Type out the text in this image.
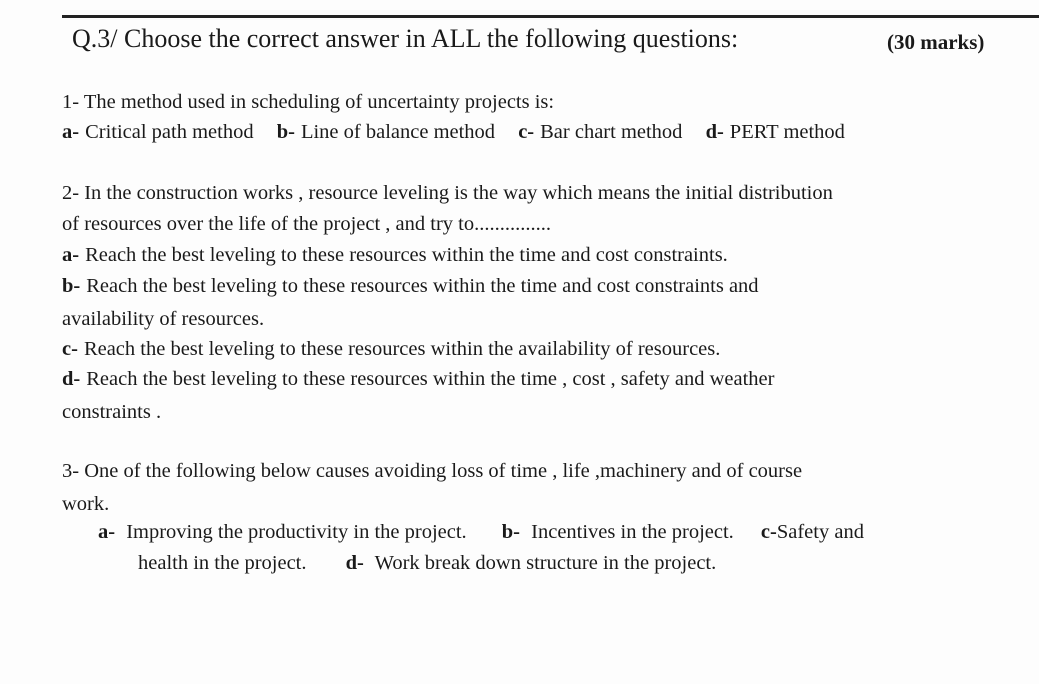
Q.3/ Choose the correct answer in ALL the following questions:	(30 marks)
1- The method used in scheduling of uncertainty projects is:
a- Critical path method b- Line of balance method c- Bar chart method d- PERT method
2- In the construction works , resource leveling is the way which means the initial distribution
of resources over the life of the project , and try to...............
a- Reach the best leveling to these resources within the time and cost constraints.
b- Reach the best leveling to these resources within the time and cost constraints and
availability of resources.
c- Reach the best leveling to these resources within the availability of resources.
d- Reach the best leveling to these resources within the time , cost , safety and weather
constraints .
3- One of the following below causes avoiding loss of time , life ,machinery and of course
work.
a- Improving the productivity in the project. b- Incentives in the project. c-Safety and
health in the project. d- Work break down structure in the project.
